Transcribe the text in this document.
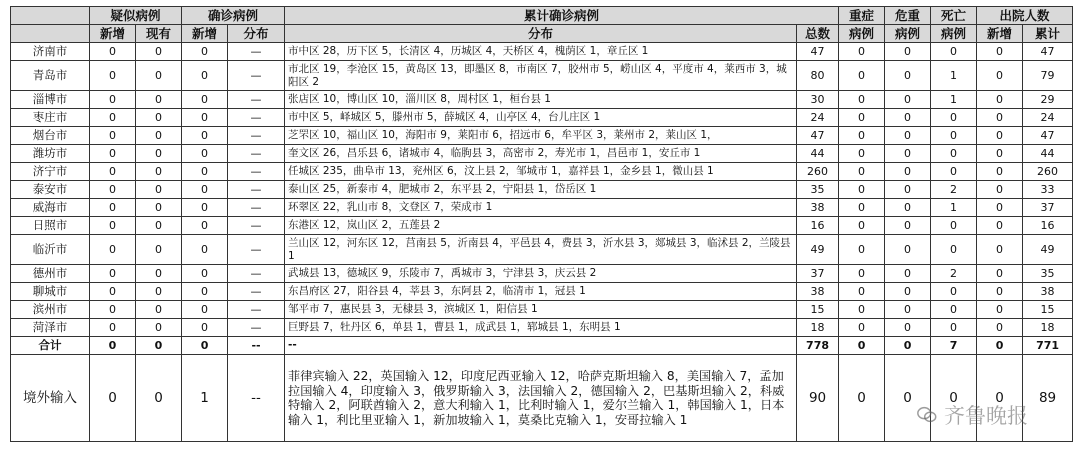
	疑似病例		确诊病例		累计确诊病例		重症	危重	死亡	出院人数	
	新增	现有	新增	分布	分布	总数	病例	病例	病例	新增	累计
济南市	0	0	0	—	市中区 28，历下区 5，长清区 4，历城区 4，天桥区 4，槐荫区 1，章丘区 1	47	0	0	0	0	47
青岛市	0	0	0	—	市北区 19，李沧区 15，黄岛区 13，即墨区 8，市南区 7，胶州市 5，崂山区 4，平度市 4，莱西市 3，城阳区 2	80	0	0	1	0	79
淄博市	0	0	0	—	张店区 10，博山区 10，淄川区 8，周村区 1，桓台县 1	30	0	0	1	0	29
枣庄市	0	0	0	—	市中区 5，峄城区 5，滕州市 5，薛城区 4，山亭区 4，台儿庄区 1	24	0	0	0	0	24
烟台市	0	0	0	—	芝罘区 10，福山区 10，海阳市 9，莱阳市 6，招远市 6，牟平区 3，莱州市 2，莱山区 1，	47	0	0	0	0	47
潍坊市	0	0	0	—	奎文区 26，昌乐县 6，诸城市 4，临朐县 3，高密市 2，寿光市 1，昌邑市 1，安丘市 1	44	0	0	0	0	44
济宁市	0	0	0	—	任城区 235，曲阜市 13，兖州区 6，汶上县 2，邹城市 1，嘉祥县 1，金乡县 1，微山县 1	260	0	0	0	0	260
泰安市	0	0	0	—	泰山区 25，新泰市 4，肥城市 2，东平县 2，宁阳县 1，岱岳区 1	35	0	0	2	0	33
威海市	0	0	0	—	环翠区 22，乳山市 8，文登区 7，荣成市 1	38	0	0	1	0	37
日照市	0	0	0	—	东港区 12，岚山区 2，五莲县 2	16	0	0	0	0	16
临沂市	0	0	0	—	兰山区 12，河东区 12，莒南县 5，沂南县 4，平邑县 4，费县 3，沂水县 3，郯城县 3，临沭县 2，兰陵县 1	49	0	0	0	0	49
德州市	0	0	0	—	武城县 13，德城区 9，乐陵市 7，禹城市 3，宁津县 3，庆云县 2	37	0	0	2	0	35
聊城市	0	0	0	—	东昌府区 27，阳谷县 4，莘县 3，东阿县 2，临清市 1，冠县 1	38	0	0	0	0	38
滨州市	0	0	0	—	邹平市 7，惠民县 3，无棣县 3，滨城区 1，阳信县 1	15	0	0	0	0	15
菏泽市	0	0	0	—	巨野县 7，牡丹区 6，单县 1，曹县 1，成武县 1，郓城县 1，东明县 1	18	0	0	0	0	18
合计	0	0	0	--	--	778	0	0	7	0	771
境外输入	0	0	1	--	菲律宾输入 22，英国输入 12，印度尼西亚输入 12，哈萨克斯坦输入 8，美国输入 7，孟加拉国输入 4，印度输入 3，俄罗斯输入 3，法国输入 2，德国输入 2，巴基斯坦输入 2，科威特输入 2，阿联酋输入 2，意大利输入 1，比利时输入 1，爱尔兰输入 1，韩国输入 1，日本输入 1，利比里亚输入 1，新加坡输入 1，莫桑比克输入 1，安哥拉输入 1	90	0	0	0	0	89
齐鲁晚报
